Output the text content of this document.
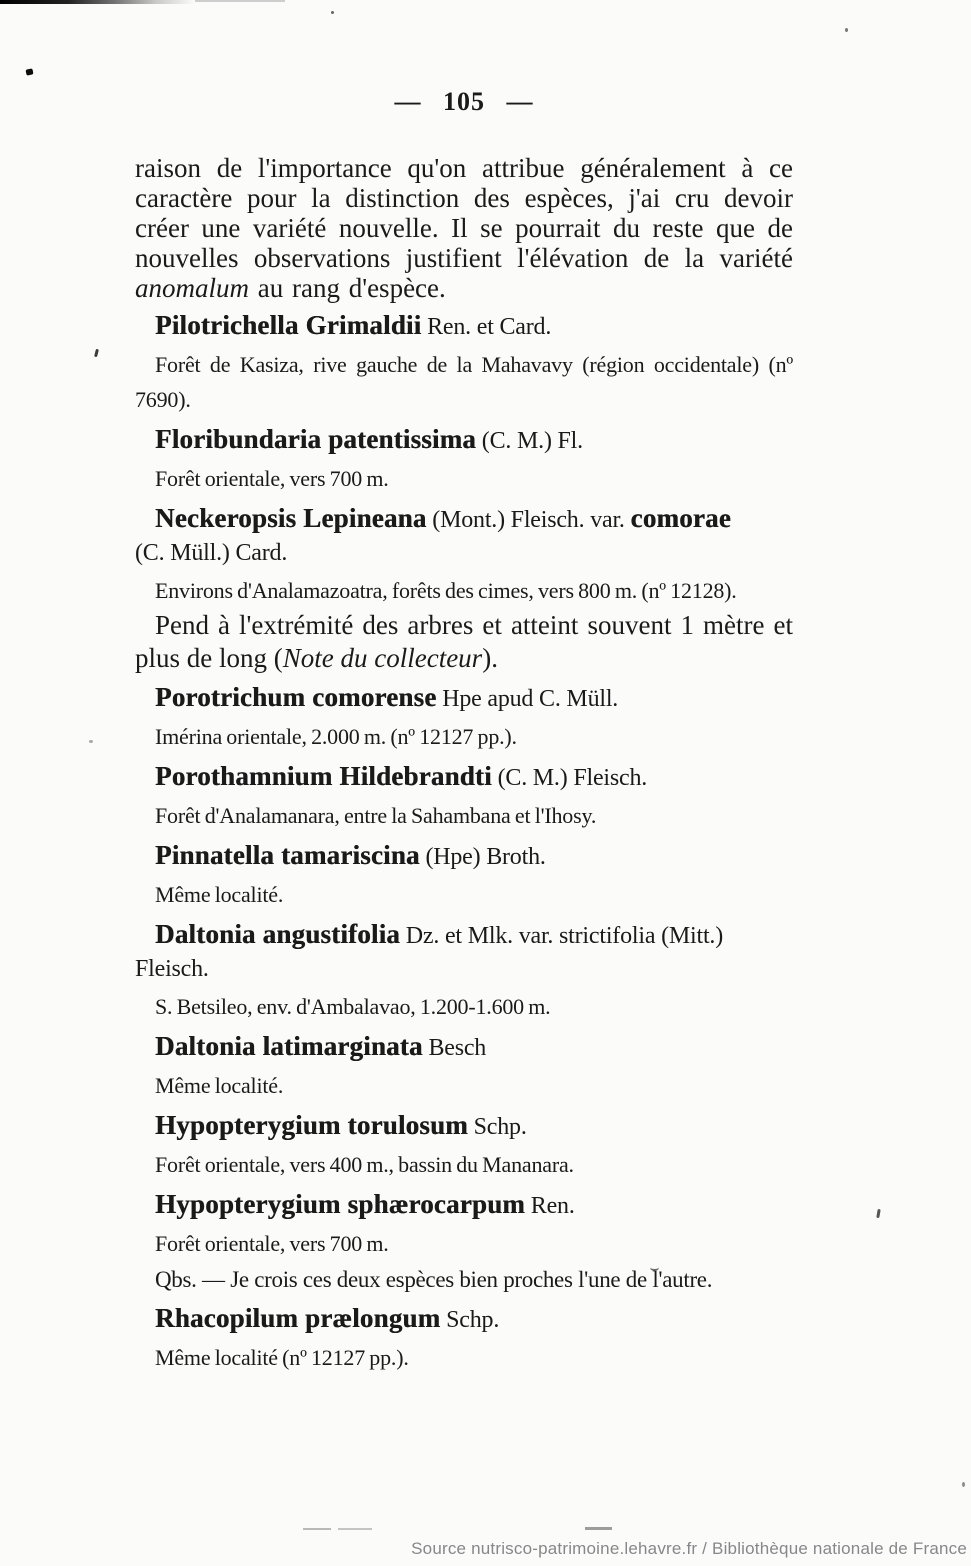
— 105 —

raison de l'importance qu'on attribue généralement à ce caractère pour la distinction des espèces, j'ai cru devoir créer une variété nouvelle. Il se pourrait du reste que de nouvelles observations justifient l'élévation de la variété anomalum au rang d'espèce.

Pilotrichella Grimaldii Ren. et Card.

Forêt de Kasiza, rive gauche de la Mahavavy (région occidentale) (nº 7690).

Floribundaria patentissima (C. M.) Fl.

Forêt orientale, vers 700 m.

Neckeropsis Lepineana (Mont.) Fleisch. var. comorae
(C. Müll.) Card.

Environs d'Analamazoatra, forêts des cimes, vers 800 m. (nº 12128).

Pend à l'extrémité des arbres et atteint souvent 1 mètre et plus de long (Note du collecteur).

Porotrichum comorense Hpe apud C. Müll.

Imérina orientale, 2.000 m. (nº 12127 pp.).

Porothamnium Hildebrandti (C. M.) Fleisch.

Forêt d'Analamanara, entre la Sahambana et l'Ihosy.

Pinnatella tamariscina (Hpe) Broth.

Même localité.

Daltonia angustifolia Dz. et Mlk. var. strictifolia (Mitt.)
Fleisch.

S. Betsileo, env. d'Ambalavao, 1.200-1.600 m.

Daltonia latimarginata Besch

Même localité.

Hypopterygium torulosum Schp.

Forêt orientale, vers 400 m., bassin du Mananara.

Hypopterygium sphærocarpum Ren.

Forêt orientale, vers 700 m.

Qbs. — Je crois ces deux espèces bien proches l'une de l'autre.

Rhacopilum prælongum Schp.

Même localité (nº 12127 pp.).

Source nutrisco-patrimoine.lehavre.fr / Bibliothèque nationale de France
